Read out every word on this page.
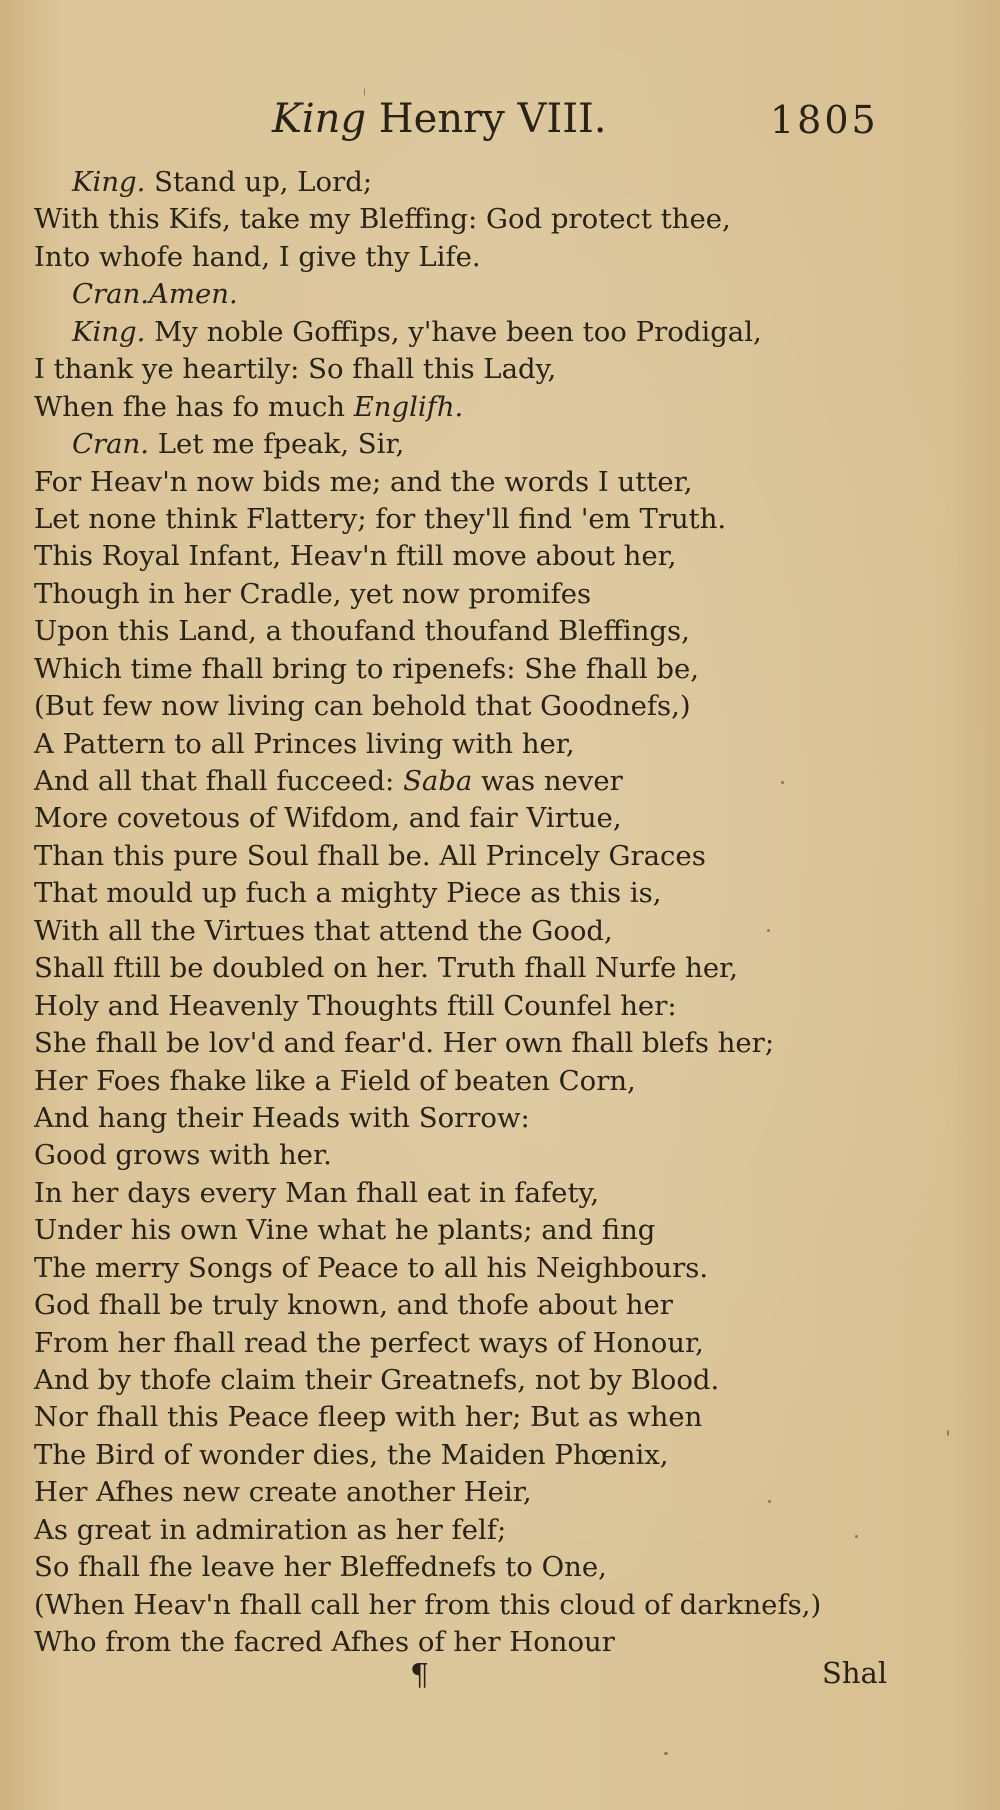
King Henry VIII.	1805
King. Stand up, Lord;
With this Kifs, take my Bleffing: God protect thee,
Into whofe hand, I give thy Life.
Cran.Amen.
King. My noble Goffips, y'have been too Prodigal,
I thank ye heartily: So fhall this Lady,
When fhe has fo much Englifh.
Cran. Let me fpeak, Sir,
For Heav'n now bids me; and the words I utter,
Let none think Flattery; for they'll find 'em Truth.
This Royal Infant, Heav'n ftill move about her,
Though in her Cradle, yet now promifes
Upon this Land, a thoufand thoufand Bleffings,
Which time fhall bring to ripenefs: She fhall be,
(But few now living can behold that Goodnefs,)
A Pattern to all Princes living with her,
And all that fhall fucceed: Saba was never
More covetous of Wifdom, and fair Virtue,
Than this pure Soul fhall be. All Princely Graces
That mould up fuch a mighty Piece as this is,
With all the Virtues that attend the Good,
Shall ftill be doubled on her. Truth fhall Nurfe her,
Holy and Heavenly Thoughts ftill Counfel her:
She fhall be lov'd and fear'd. Her own fhall blefs her;
Her Foes fhake like a Field of beaten Corn,
And hang their Heads with Sorrow:
Good grows with her.
In her days every Man fhall eat in fafety,
Under his own Vine what he plants; and fing
The merry Songs of Peace to all his Neighbours.
God fhall be truly known, and thofe about her
From her fhall read the perfect ways of Honour,
And by thofe claim their Greatnefs, not by Blood.
Nor fhall this Peace fleep with her; But as when
The Bird of wonder dies, the Maiden Phœnix,
Her Afhes new create another Heir,
As great in admiration as her felf;
So fhall fhe leave her Bleffednefs to One,
(When Heav'n fhall call her from this cloud of darknefs,)
Who from the facred Afhes of her Honour
¶	Shal
